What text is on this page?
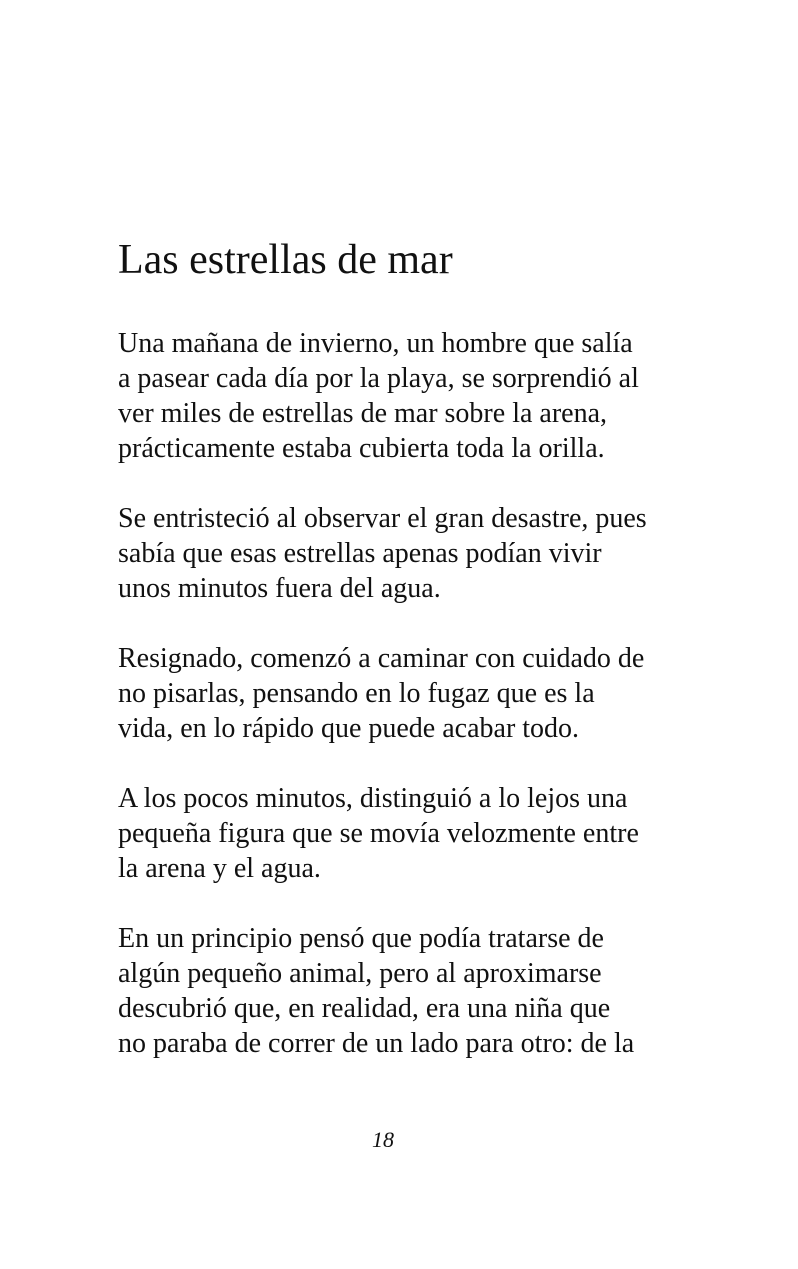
Las estrellas de mar

Una mañana de invierno, un hombre que salía
a pasear cada día por la playa, se sorprendió al
ver miles de estrellas de mar sobre la arena,
prácticamente estaba cubierta toda la orilla.

Se entristeció al observar el gran desastre, pues
sabía que esas estrellas apenas podían vivir
unos minutos fuera del agua.

Resignado, comenzó a caminar con cuidado de
no pisarlas, pensando en lo fugaz que es la
vida, en lo rápido que puede acabar todo.

A los pocos minutos, distinguió a lo lejos una
pequeña figura que se movía velozmente entre
la arena y el agua.

En un principio pensó que podía tratarse de
algún pequeño animal, pero al aproximarse
descubrió que, en realidad, era una niña que
no paraba de correr de un lado para otro: de la

18
